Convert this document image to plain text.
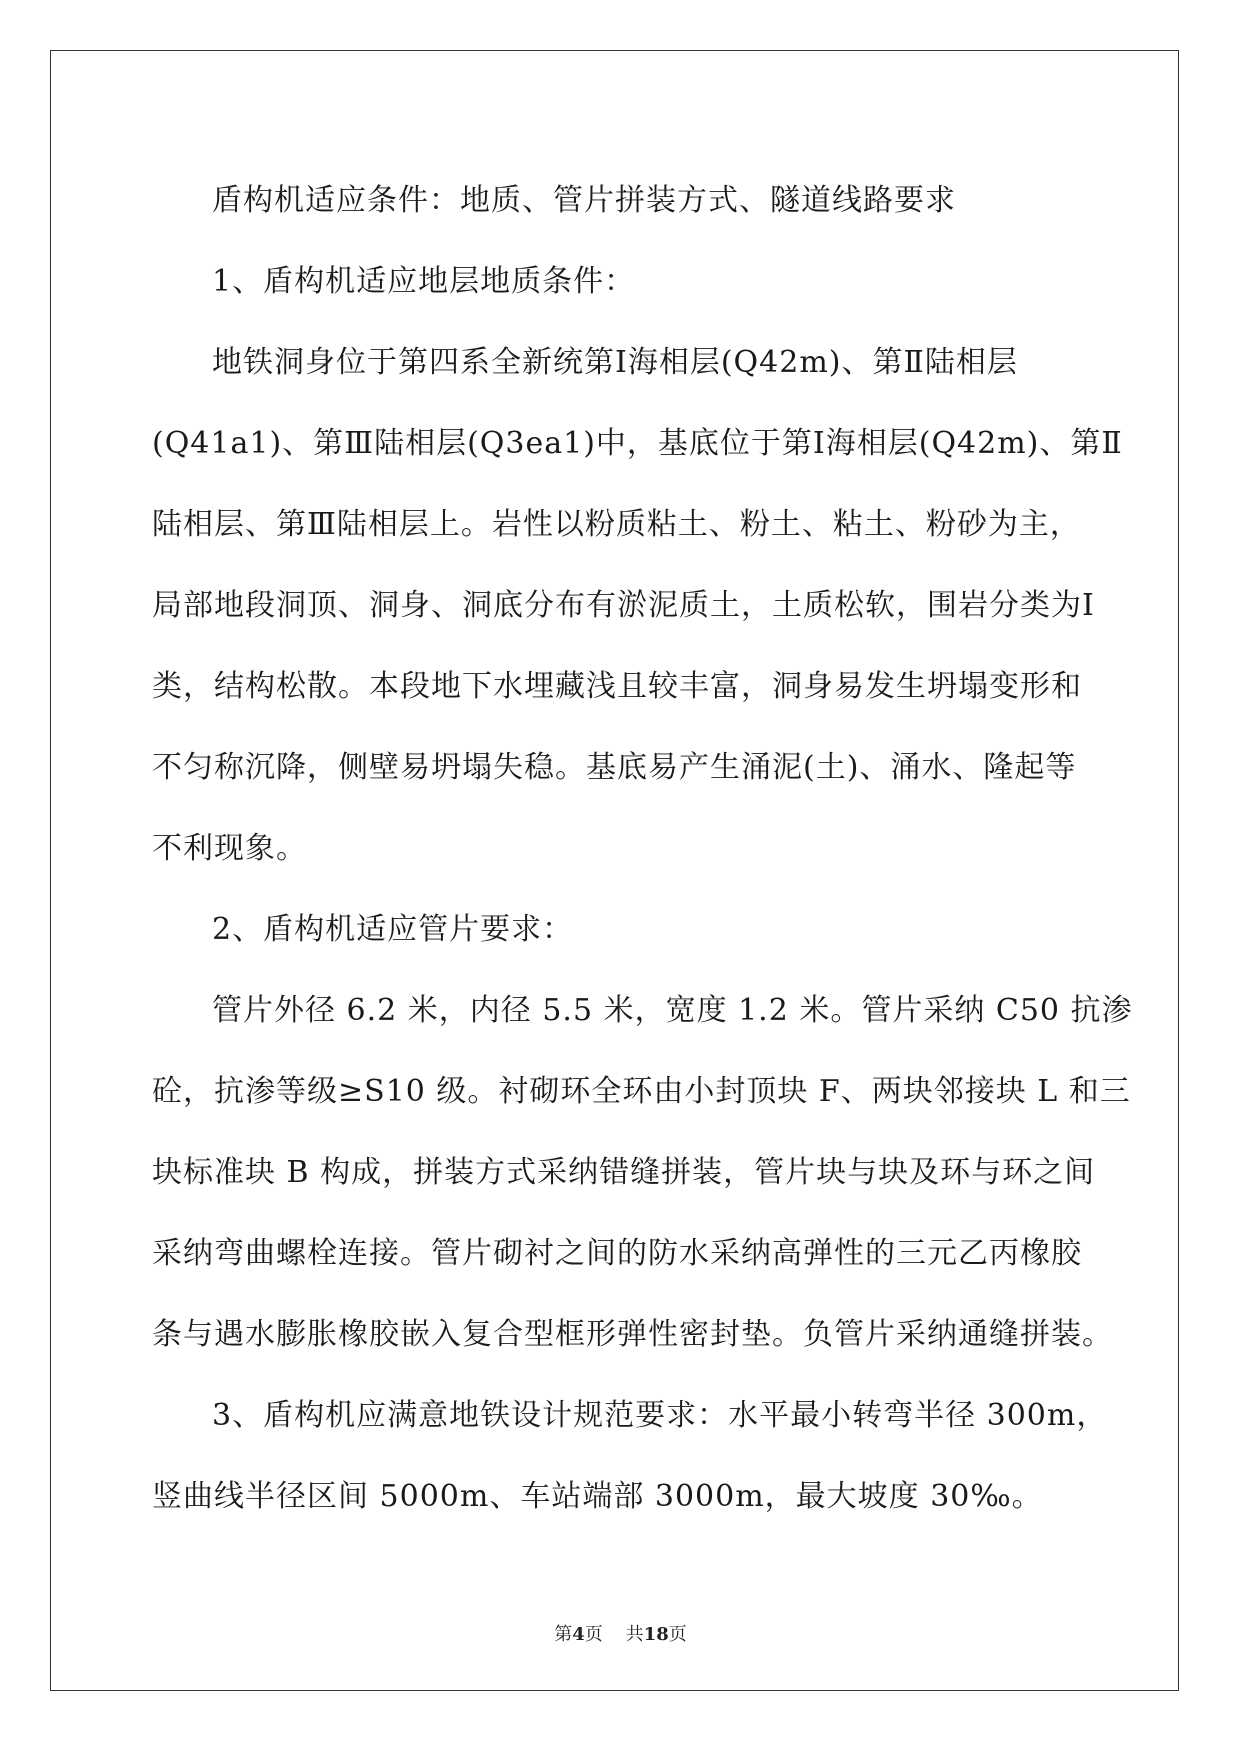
盾构机适应条件：地质、管片拼装方式、隧道线路要求

1、盾构机适应地层地质条件：

地铁洞身位于第四系全新统第Ⅰ海相层(Q42m)、第Ⅱ陆相层

(Q41a1)、第Ⅲ陆相层(Q3ea1)中，基底位于第Ⅰ海相层(Q42m)、第Ⅱ

陆相层、第Ⅲ陆相层上。岩性以粉质粘土、粉土、粘土、粉砂为主，

局部地段洞顶、洞身、洞底分布有淤泥质土，土质松软，围岩分类为Ⅰ

类，结构松散。本段地下水埋藏浅且较丰富，洞身易发生坍塌变形和

不匀称沉降，侧壁易坍塌失稳。基底易产生涌泥(土)、涌水、隆起等

不利现象。

2、盾构机适应管片要求：

管片外径 6.2 米，内径 5.5 米，宽度 1.2 米。管片采纳 C50 抗渗

砼，抗渗等级≥S10 级。衬砌环全环由小封顶块 F、两块邻接块 L 和三

块标准块 B 构成，拼装方式采纳错缝拼装，管片块与块及环与环之间

采纳弯曲螺栓连接。管片砌衬之间的防水采纳高弹性的三元乙丙橡胶

条与遇水膨胀橡胶嵌入复合型框形弹性密封垫。负管片采纳通缝拼装。

3、盾构机应满意地铁设计规范要求：水平最小转弯半径 300m，

竖曲线半径区间 5000m、车站端部 3000m，最大坡度 30‰。

第4页    共18页
